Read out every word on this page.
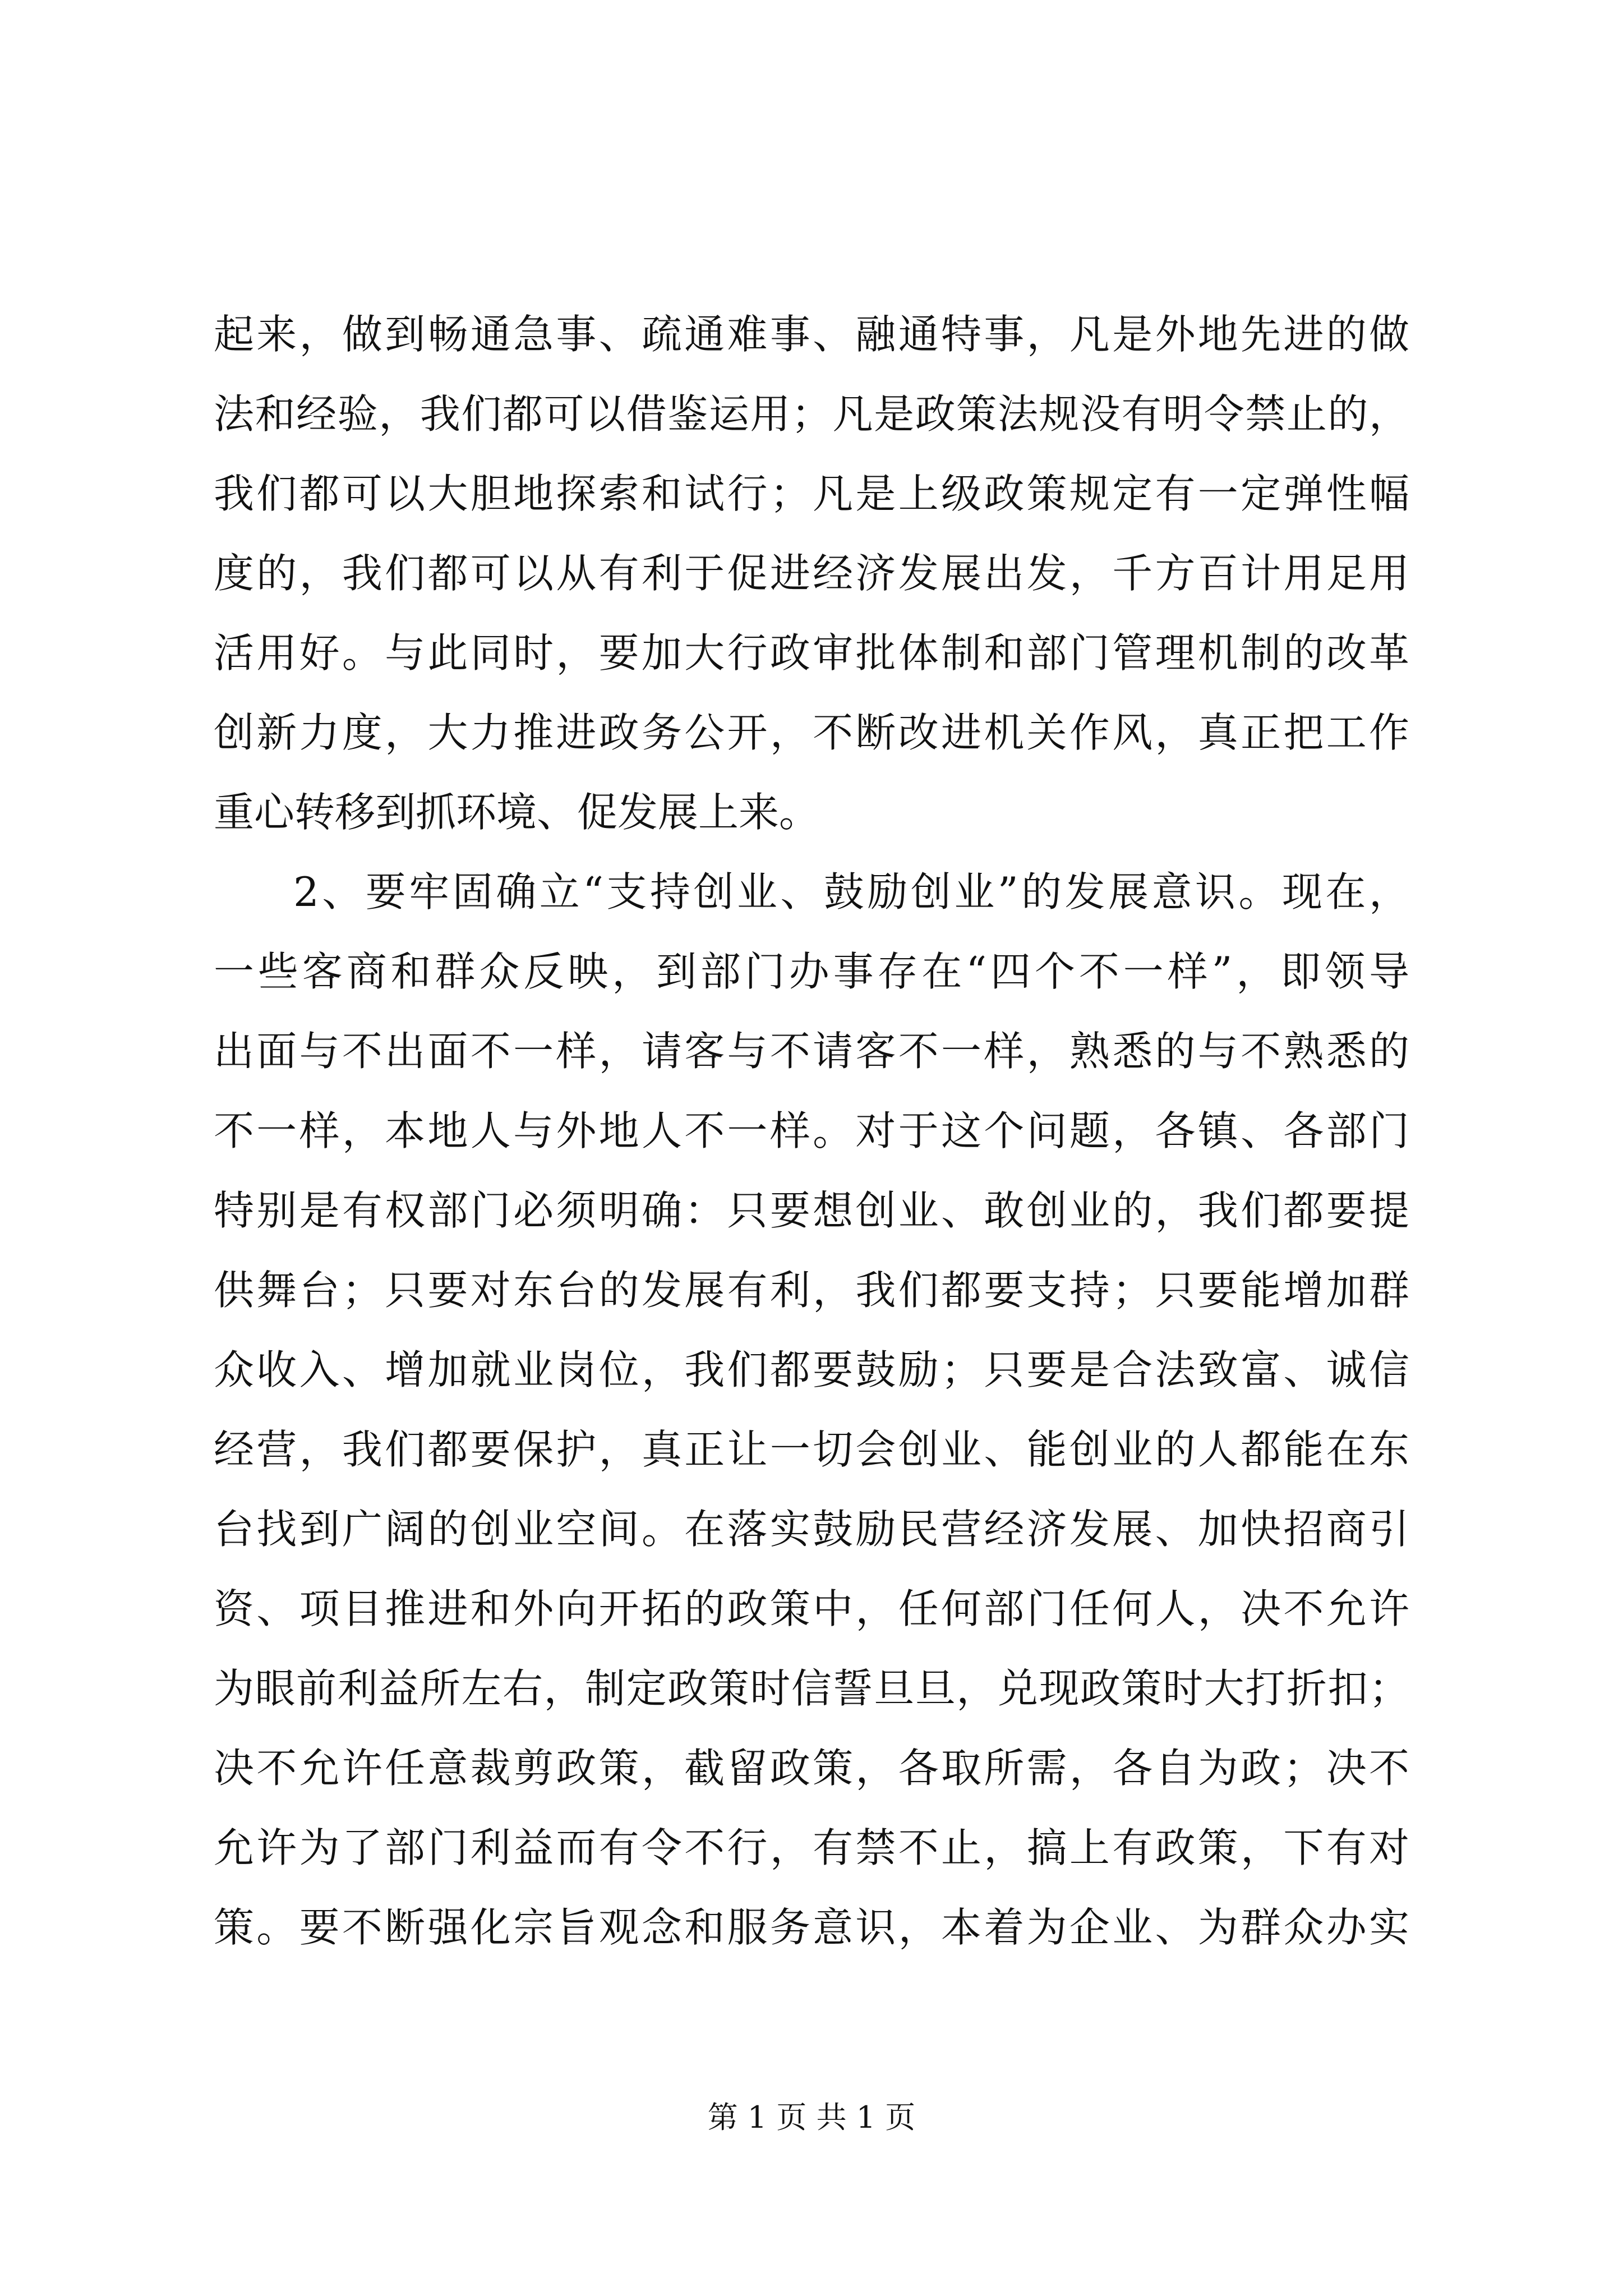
起来，做到畅通急事、疏通难事、融通特事，凡是外地先进的做
法和经验，我们都可以借鉴运用；凡是政策法规没有明令禁止的，
我们都可以大胆地探索和试行；凡是上级政策规定有一定弹性幅
度的，我们都可以从有利于促进经济发展出发，千方百计用足用
活用好。与此同时，要加大行政审批体制和部门管理机制的改革
创新力度，大力推进政务公开，不断改进机关作风，真正把工作
重心转移到抓环境、促发展上来。
2、要牢固确立“支持创业、鼓励创业”的发展意识。现在，
一些客商和群众反映，到部门办事存在“四个不一样”，即领导
出面与不出面不一样，请客与不请客不一样，熟悉的与不熟悉的
不一样，本地人与外地人不一样。对于这个问题，各镇、各部门
特别是有权部门必须明确：只要想创业、敢创业的，我们都要提
供舞台；只要对东台的发展有利，我们都要支持；只要能增加群
众收入、增加就业岗位，我们都要鼓励；只要是合法致富、诚信
经营，我们都要保护，真正让一切会创业、能创业的人都能在东
台找到广阔的创业空间。在落实鼓励民营经济发展、加快招商引
资、项目推进和外向开拓的政策中，任何部门任何人，决不允许
为眼前利益所左右，制定政策时信誓旦旦，兑现政策时大打折扣；
决不允许任意裁剪政策，截留政策，各取所需，各自为政；决不
允许为了部门利益而有令不行，有禁不止，搞上有政策，下有对
策。要不断强化宗旨观念和服务意识，本着为企业、为群众办实
第 1 页 共 1 页
